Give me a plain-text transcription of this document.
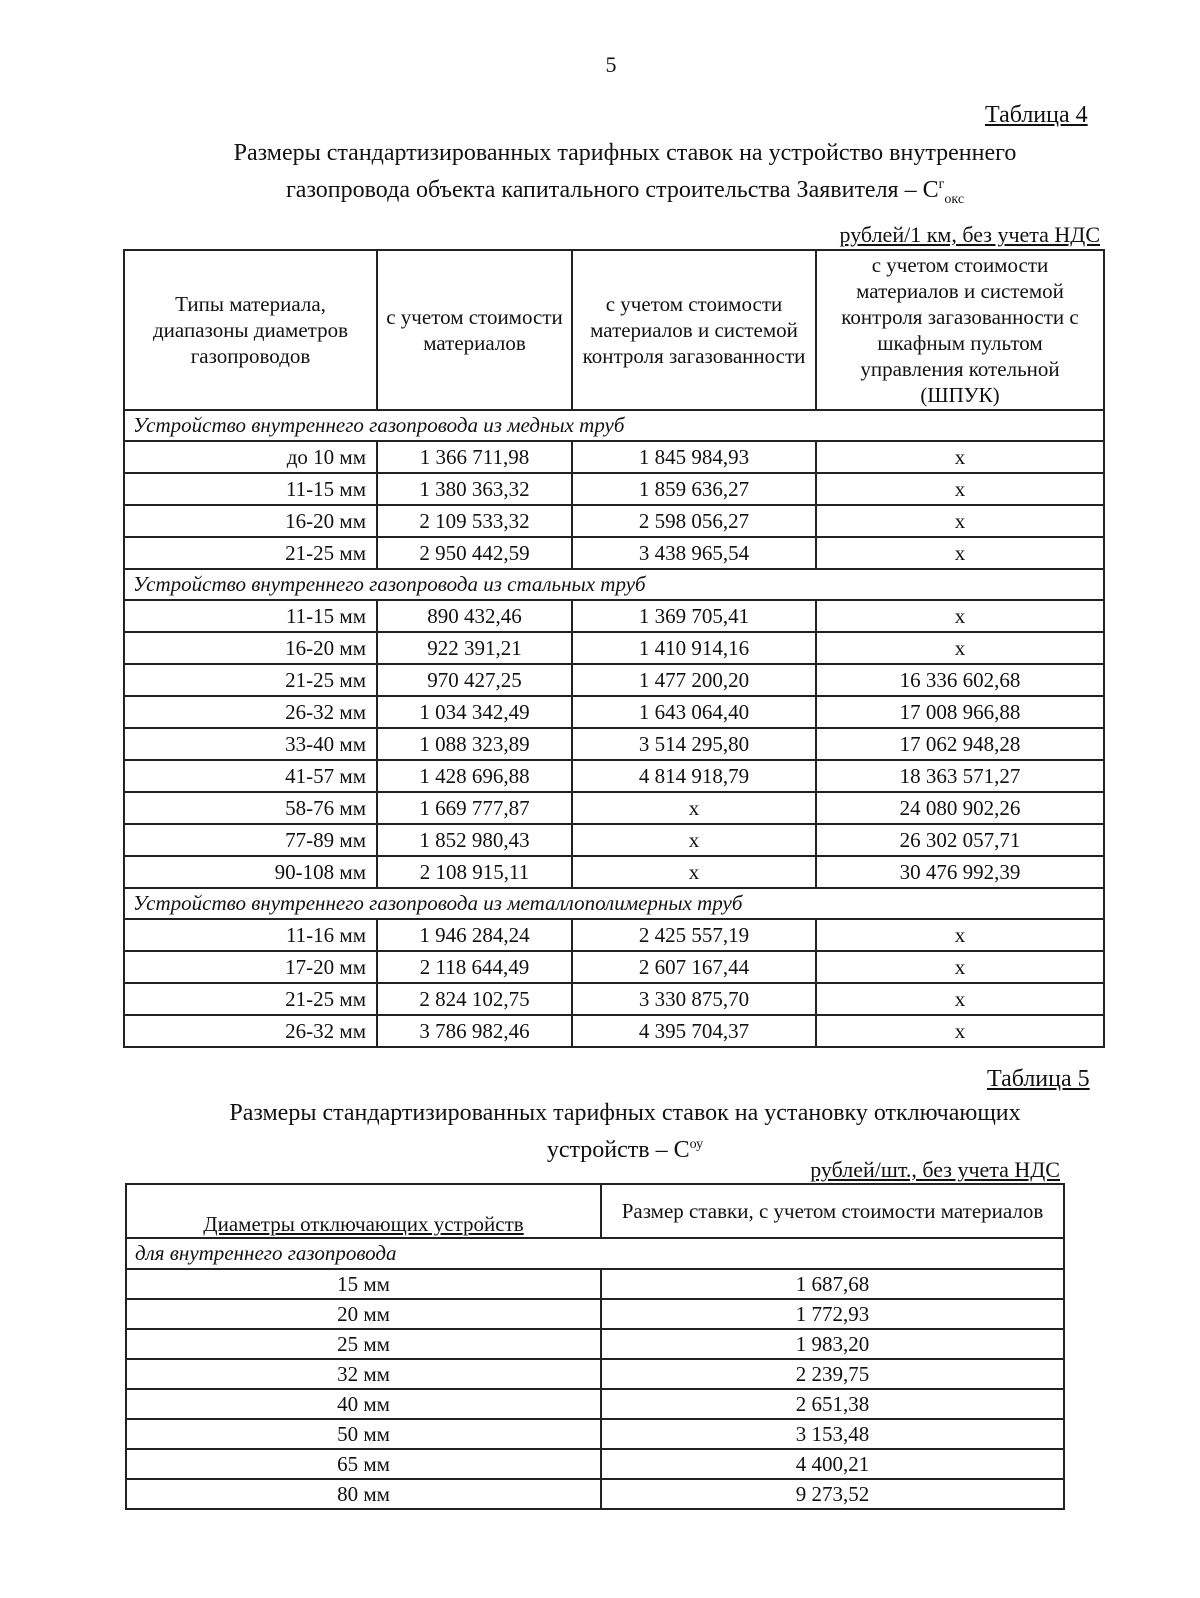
5
Таблица 4
Размеры стандартизированных тарифных ставок на устройство внутреннего
газопровода объекта капитального строительства Заявителя – $С^г_{окс}$
рублей/1 км, без учета НДС
Типы материала, диапазоны диаметров газопроводов	с учетом стоимости материалов	с учетом стоимости материалов и системой контроля загазованности	с учетом стоимости материалов и системой контроля загазованности с шкафным пультом управления котельной (ШПУК)
Устройство внутреннего газопровода из медных труб			
до 10 мм	1 366 711,98	1 845 984,93	х
11-15 мм	1 380 363,32	1 859 636,27	х
16-20 мм	2 109 533,32	2 598 056,27	х
21-25 мм	2 950 442,59	3 438 965,54	х
Устройство внутреннего газопровода из стальных труб			
11-15 мм	890 432,46	1 369 705,41	х
16-20 мм	922 391,21	1 410 914,16	х
21-25 мм	970 427,25	1 477 200,20	16 336 602,68
26-32 мм	1 034 342,49	1 643 064,40	17 008 966,88
33-40 мм	1 088 323,89	3 514 295,80	17 062 948,28
41-57 мм	1 428 696,88	4 814 918,79	18 363 571,27
58-76 мм	1 669 777,87	х	24 080 902,26
77-89 мм	1 852 980,43	х	26 302 057,71
90-108 мм	2 108 915,11	х	30 476 992,39
Устройство внутреннего газопровода из металлополимерных труб			
11-16 мм	1 946 284,24	2 425 557,19	х
17-20 мм	2 118 644,49	2 607 167,44	х
21-25 мм	2 824 102,75	3 330 875,70	х
26-32 мм	3 786 982,46	4 395 704,37	х
Таблица 5
Размеры стандартизированных тарифных ставок на установку отключающих
устройств – $С^{оу}$
рублей/шт., без учета НДС
Диаметры отключающих устройств	Размер ставки, с учетом стоимости материалов
для внутреннего газопровода	
15 мм	1 687,68
20 мм	1 772,93
25 мм	1 983,20
32 мм	2 239,75
40 мм	2 651,38
50 мм	3 153,48
65 мм	4 400,21
80 мм	9 273,52
